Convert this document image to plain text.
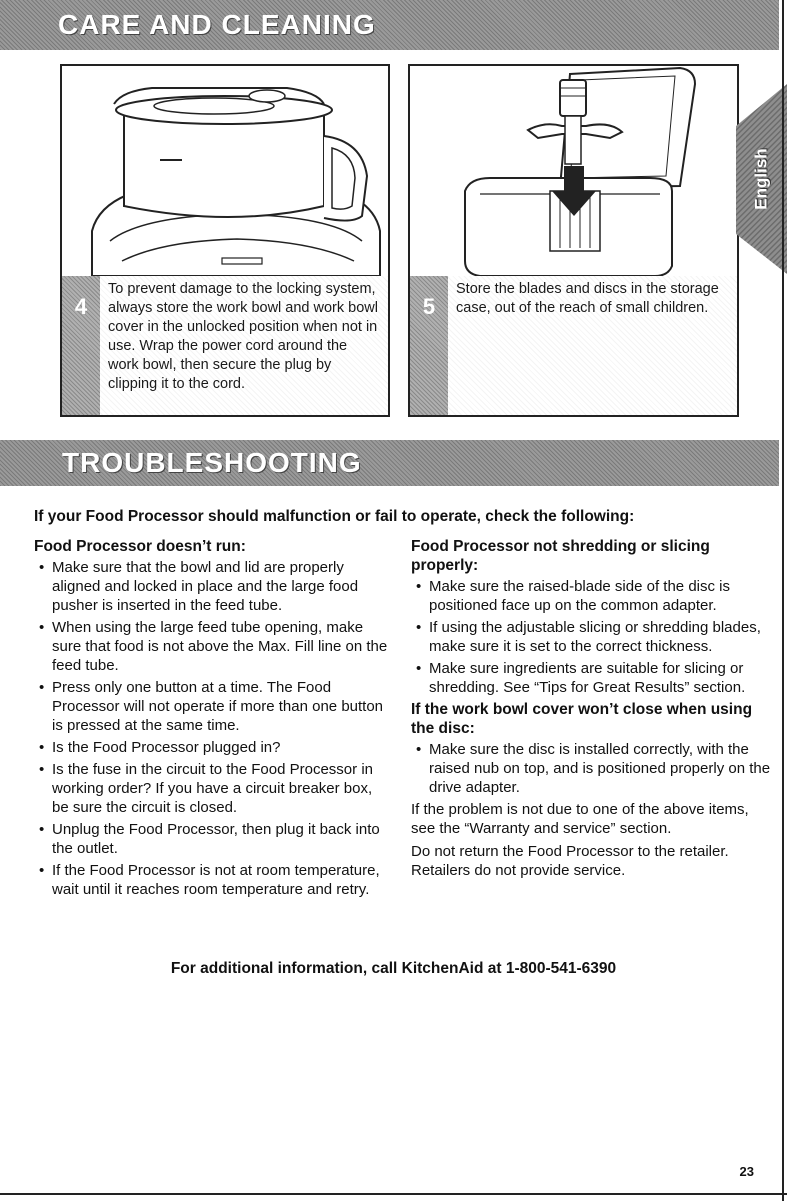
CARE AND CLEANING
4
To prevent damage to the locking system, always store the work bowl and work bowl cover in the unlocked position when not in use. Wrap the power cord around the work bowl, then secure the plug by clipping it to the cord.
5
Store the blades and discs in the storage case, out of the reach of small children.
English
TROUBLESHOOTING
If your Food Processor should malfunction or fail to operate, check the following:
Food Processor doesn’t run:
• Make sure that the bowl and lid are properly aligned and locked in place and the large food pusher is inserted in the feed tube.
• When using the large feed tube opening, make sure that food is not above the Max. Fill line on the feed tube.
• Press only one button at a time. The Food Processor will not operate if more than one button is pressed at the same time.
• Is the Food Processor plugged in?
• Is the fuse in the circuit to the Food Processor in working order? If you have a circuit breaker box, be sure the circuit is closed.
• Unplug the Food Processor, then plug it back into the outlet.
• If the Food Processor is not at room temperature, wait until it reaches room temperature and retry.
Food Processor not shredding or slicing properly:
• Make sure the raised-blade side of the disc is positioned face up on the common adapter.
• If using the adjustable slicing or shredding blades, make sure it is set to the correct thickness.
• Make sure ingredients are suitable for slicing or shredding. See “Tips for Great Results” section.
If the work bowl cover won’t close when using the disc:
• Make sure the disc is installed correctly, with the raised nub on top, and is positioned properly on the drive adapter.

If the problem is not due to one of the above items, see the “Warranty and service” section.

Do not return the Food Processor to the retailer. Retailers do not provide service.

For additional information, call KitchenAid at 1-800-541-6390
23
